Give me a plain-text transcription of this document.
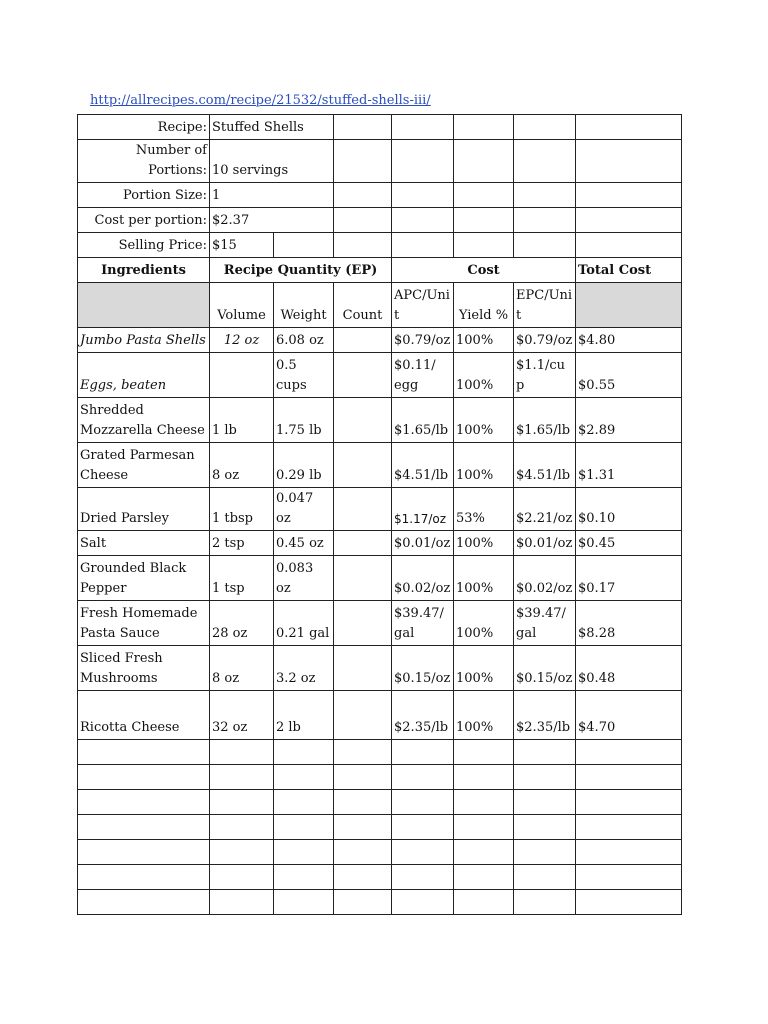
http://allrecipes.com/recipe/21532/stuffed-shells-iii/
Recipe:	Stuffed Shells						
Number of Portions:	10 servings						
Portion Size:	1						
Cost per portion:	$2.37						
Selling Price:	$15						
Ingredients	Recipe Quantity (EP)			Cost			Total Cost
	Volume	Weight	Count	APC/Unit	Yield %	EPC/Unit	
Jumbo Pasta Shells	12 oz	6.08 oz		$0.79/oz	100%	$0.79/oz	$4.80
Eggs, beaten		0.5 cups		$0.11/ egg	100%	$1.1/cup	$0.55
Shredded Mozzarella Cheese	1 lb	1.75 lb		$1.65/lb	100%	$1.65/lb	$2.89
Grated Parmesan Cheese	8 oz	0.29 lb		$4.51/lb	100%	$4.51/lb	$1.31
Dried Parsley	1 tbsp	0.047 oz		$1.17/oz	53%	$2.21/oz	$0.10
Salt	2 tsp	0.45 oz		$0.01/oz	100%	$0.01/oz	$0.45
Grounded Black Pepper	1 tsp	0.083 oz		$0.02/oz	100%	$0.02/oz	$0.17
Fresh Homemade Pasta Sauce	28 oz	0.21 gal		$39.47/gal	100%	$39.47/gal	$8.28
Sliced Fresh Mushrooms	8 oz	3.2 oz		$0.15/oz	100%	$0.15/oz	$0.48
Ricotta Cheese	32 oz	2 lb		$2.35/lb	100%	$2.35/lb	$4.70
